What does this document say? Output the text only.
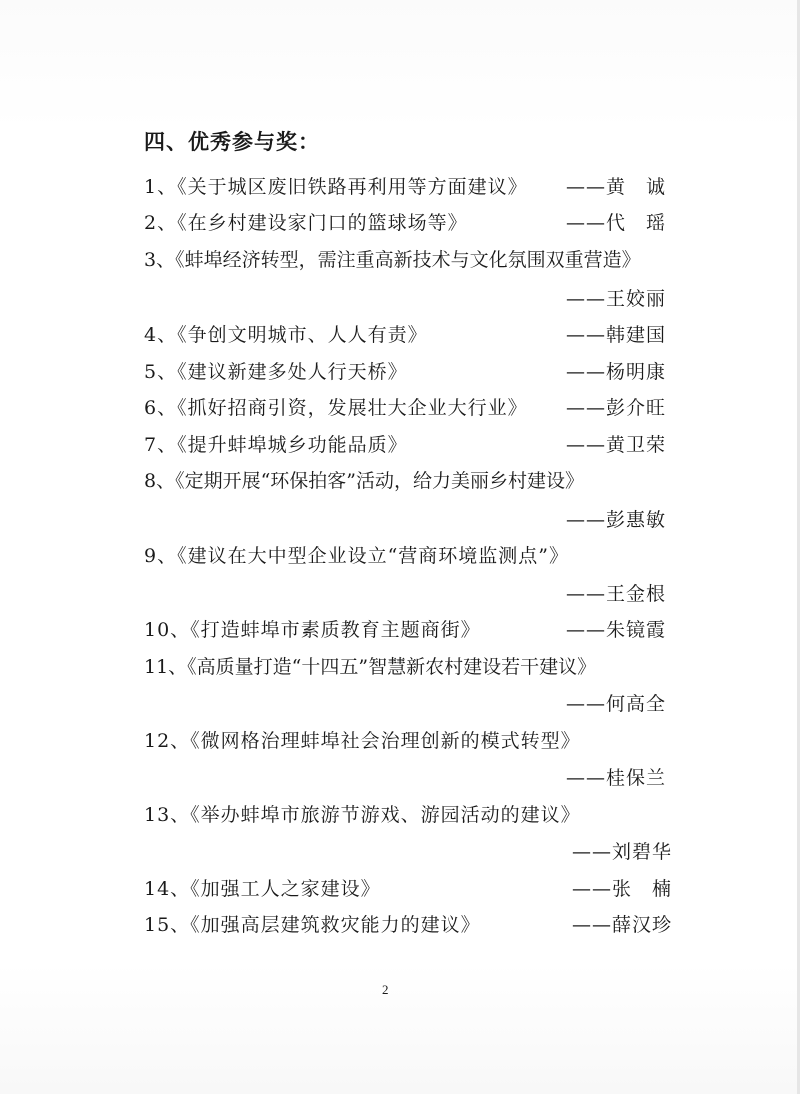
四、优秀参与奖：
1、《关于城区废旧铁路再利用等方面建议》 ——黄　诚
2、《在乡村建设家门口的篮球场等》	——代　瑶
3、《蚌埠经济转型，需注重高新技术与文化氛围双重营造》
——王姣丽
4、《争创文明城市、人人有责》	——韩建国
5、《建议新建多处人行天桥》	——杨明康
6、《抓好招商引资，发展壮大企业大行业》 ——彭介旺
7、《提升蚌埠城乡功能品质》	——黄卫荣
8、《定期开展“环保拍客”活动，给力美丽乡村建设》
——彭惠敏
9、《建议在大中型企业设立“营商环境监测点”》
——王金根
10、《打造蚌埠市素质教育主题商街》	——朱镜霞
11、《高质量打造“十四五”智慧新农村建设若干建议》
——何高全
12、《微网格治理蚌埠社会治理创新的模式转型》
——桂保兰
13、《举办蚌埠市旅游节游戏、游园活动的建议》
——刘碧华
14、《加强工人之家建设》	——张　楠
15、《加强高层建筑救灾能力的建议》	——薛汉珍
2
